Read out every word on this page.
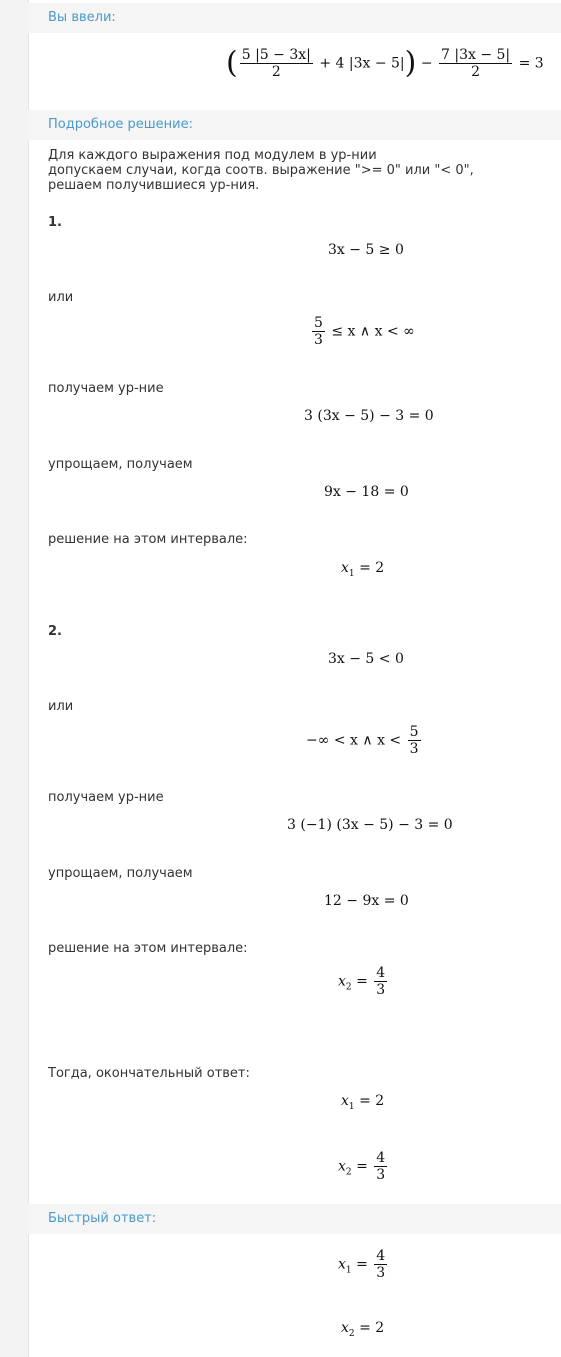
Вы ввели:
( $\frac{5 |5 - 3x|}{2} + 4$ $|3x - 5|) - \frac{7 |3x - 5|}{2} = 3$
Подробное решение:
Для каждого выражения под модулем в ур-нии
допускаем случаи, когда соотв. выражение ">= 0" или "< 0",
решаем получившиеся ур-ния.
1.
3x − 5 ≥ 0
или
$\frac{5}{3} \le x$ ∧ x < ∞
получаем ур-ние
3 (3x − 5) − 3 = 0
упрощаем, получаем
9x − 18 = 0
решение на этом интервале:
$x_1 = 2$
2.
3x − 5 < 0
или
−∞ < x ∧ $x < \frac{5}{3}$
получаем ур-ние
3 (−1) (3x − 5) − 3 = 0
упрощаем, получаем
12 − 9x = 0
решение на этом интервале:
$x_2 = \frac{4}{3}$
Тогда, окончательный ответ:
$x_1 = 2$
$x_2 = \frac{4}{3}$
Быстрый ответ:
$x_1 = \frac{4}{3}$
$x_2 = 2$
